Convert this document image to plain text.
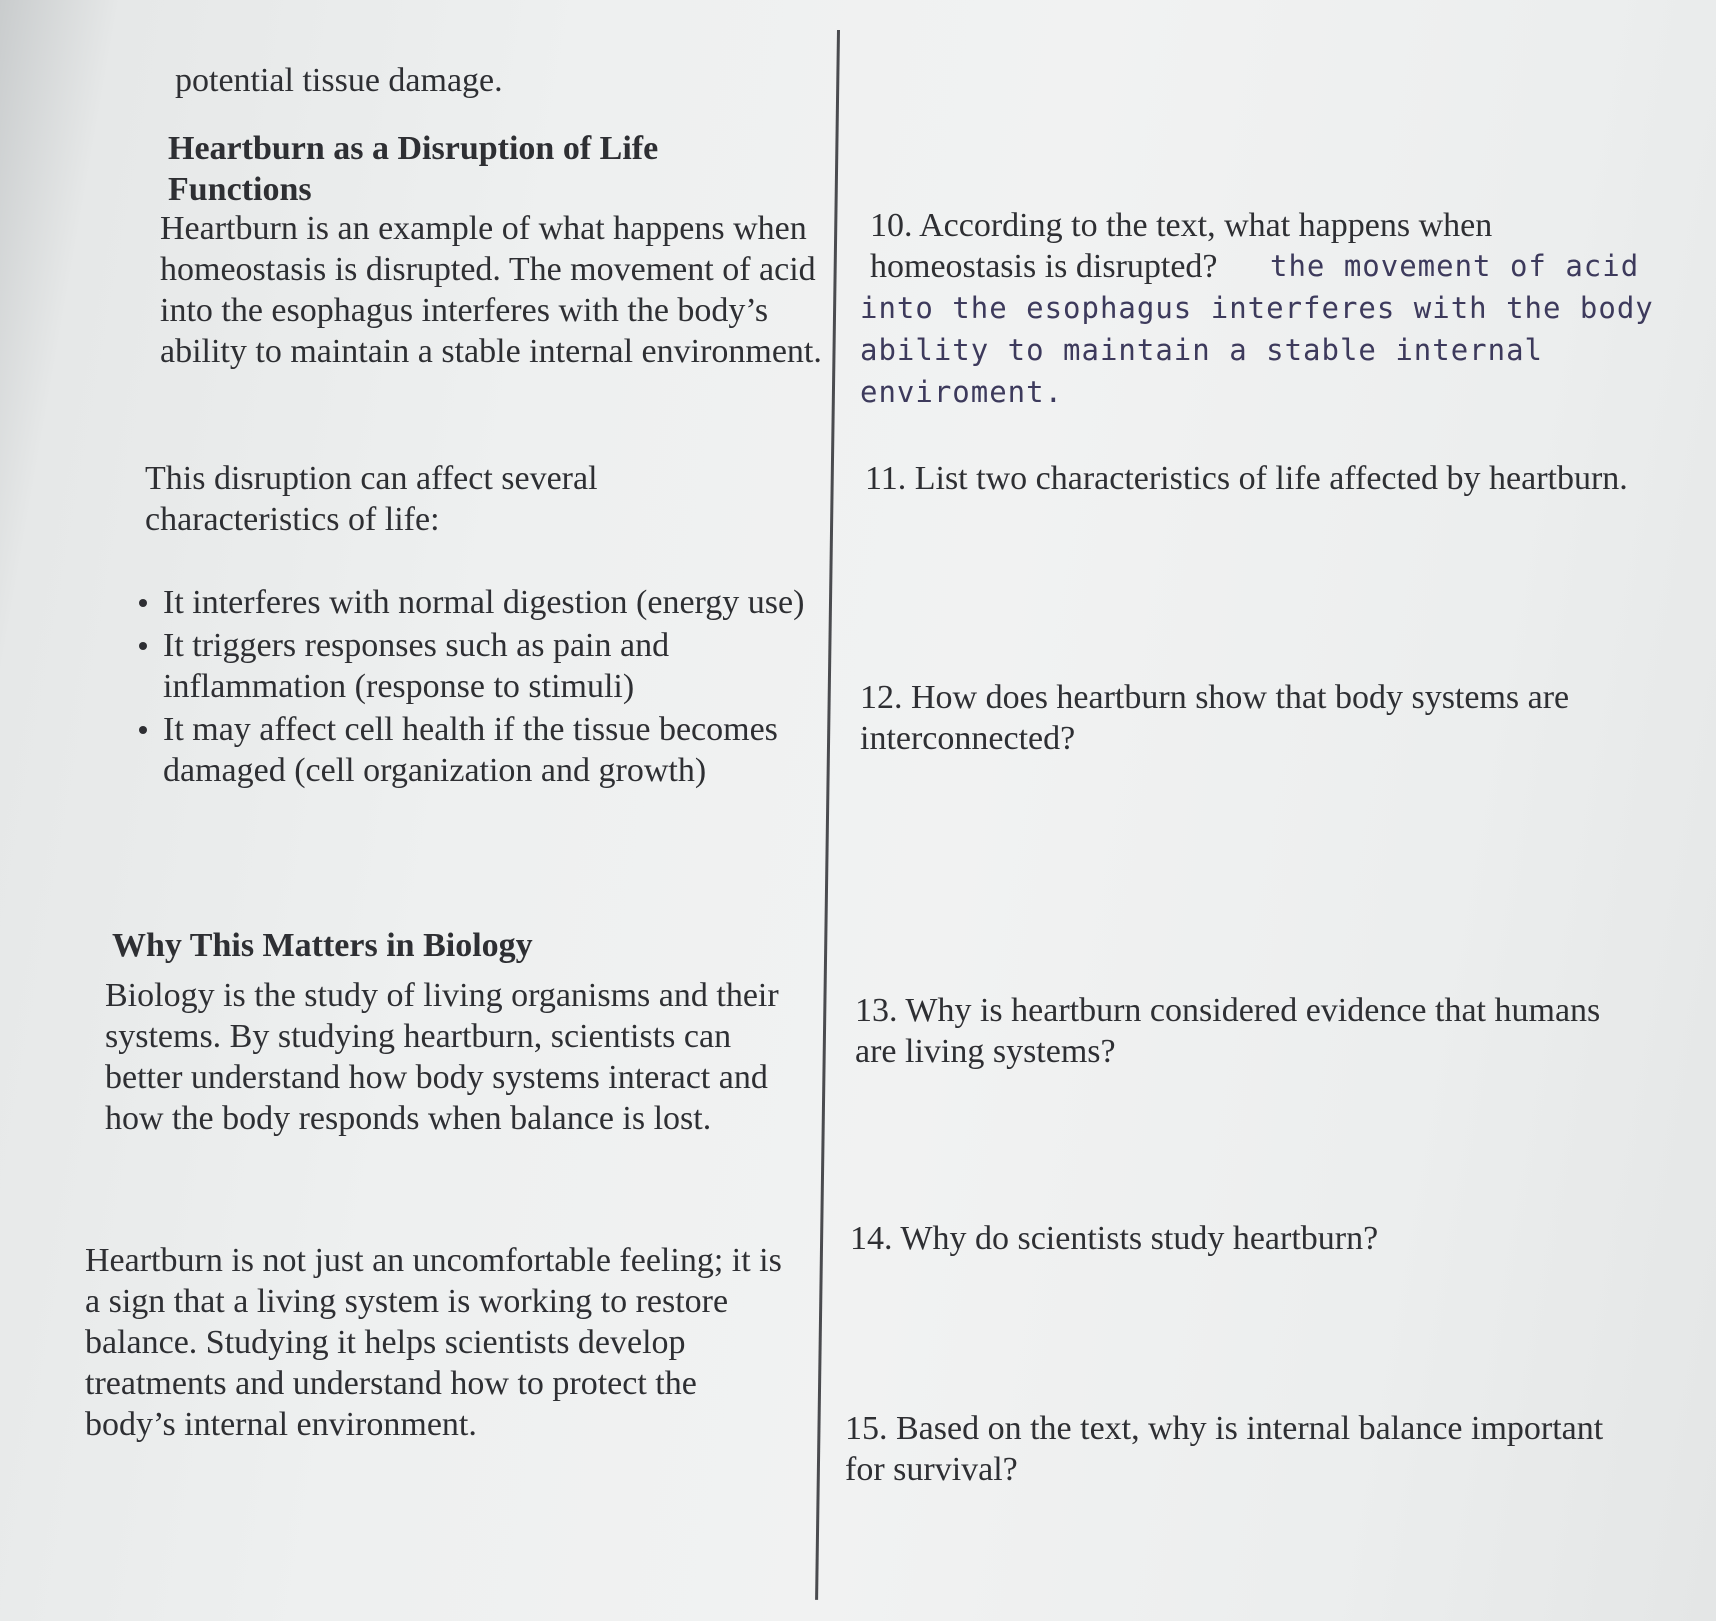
potential tissue damage.
Heartburn as a Disruption of Life Functions
Heartburn is an example of what happens when homeostasis is disrupted. The movement of acid into the esophagus interferes with the body’s ability to maintain a stable internal environment.
This disruption can affect several characteristics of life:
It interferes with normal digestion (energy use)
It triggers responses such as pain and inflammation (response to stimuli)
It may affect cell health if the tissue becomes damaged (cell organization and growth)
Why This Matters in Biology
Biology is the study of living organisms and their systems. By studying heartburn, scientists can better understand how body systems interact and how the body responds when balance is lost.
Heartburn is not just an uncomfortable feeling; it is a sign that a living system is working to restore balance. Studying it helps scientists develop treatments and understand how to protect the body’s internal environment.
10. According to the text, what happens when homeostasis is disrupted?	the movement of acid into the esophagus interferes with the body ability to maintain a stable internal enviroment.
11. List two characteristics of life affected by heartburn.
12. How does heartburn show that body systems are interconnected?
13. Why is heartburn considered evidence that humans are living systems?
14. Why do scientists study heartburn?
15. Based on the text, why is internal balance important for survival?
